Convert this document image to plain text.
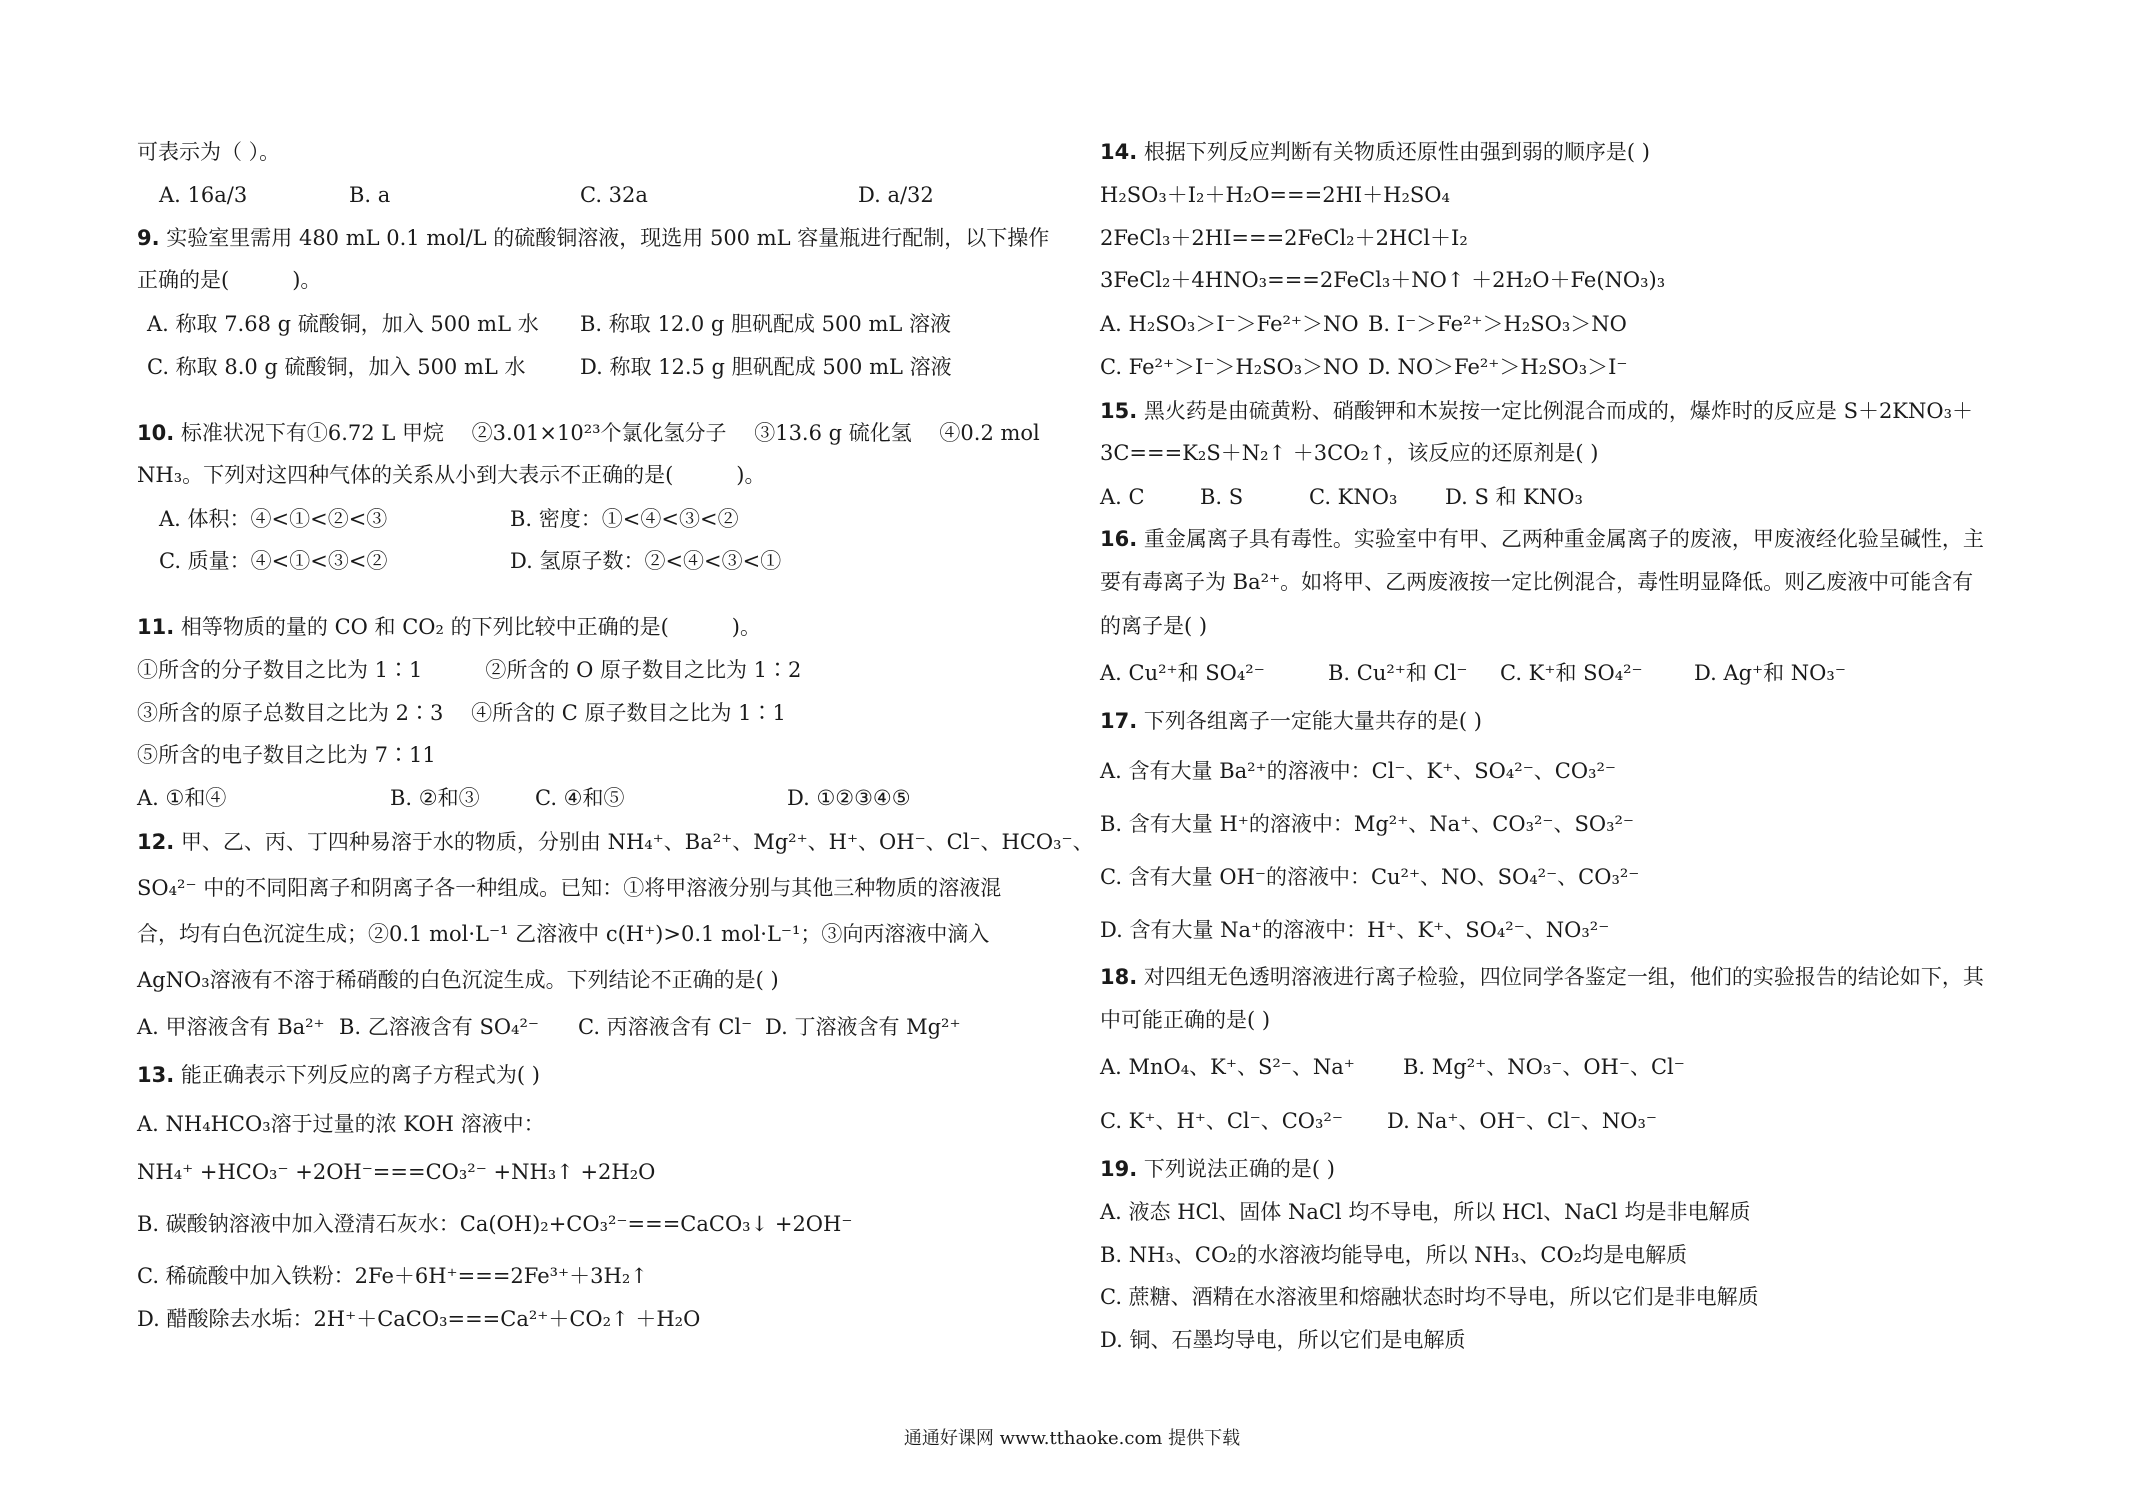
可表示为（ ）。
A. 16a/3	B. a	C. 32a	D. a/32
9. 实验室里需用 480 mL 0.1 mol/L 的硫酸铜溶液，现选用 500 mL 容量瓶进行配制，以下操作
正确的是(　　　)。
A. 称取 7.68 g 硫酸铜，加入 500 mL 水 B. 称取 12.0 g 胆矾配成 500 mL 溶液
C. 称取 8.0 g 硫酸铜，加入 500 mL 水	D. 称取 12.5 g 胆矾配成 500 mL 溶液
10. 标准状况下有①6.72 L 甲烷　 ②3.01×10²³个氯化氢分子　 ③13.6 g 硫化氢　 ④0.2 mol
NH₃。下列对这四种气体的关系从小到大表示不正确的是(　　　)。
A. 体积：④<①<②<③	B. 密度：①<④<③<②
C. 质量：④<①<③<②	D. 氢原子数：②<④<③<①
11. 相等物质的量的 CO 和 CO₂ 的下列比较中正确的是(　　　)。
①所含的分子数目之比为 1∶1　　　②所含的 O 原子数目之比为 1∶2
③所含的原子总数目之比为 2∶3　 ④所含的 C 原子数目之比为 1∶1
⑤所含的电子数目之比为 7∶11
A. ①和④	B. ②和③	C. ④和⑤	D. ①②③④⑤
12. 甲、乙、丙、丁四种易溶于水的物质，分别由 NH₄⁺、Ba²⁺、Mg²⁺、H⁺、OH⁻、Cl⁻、HCO₃⁻、
SO₄²⁻ 中的不同阳离子和阴离子各一种组成。已知：①将甲溶液分别与其他三种物质的溶液混
合，均有白色沉淀生成；②0.1 mol·L⁻¹ 乙溶液中 c(H⁺)>0.1 mol·L⁻¹；③向丙溶液中滴入
AgNO₃溶液有不溶于稀硝酸的白色沉淀生成。下列结论不正确的是( )
A. 甲溶液含有 Ba²⁺ B. 乙溶液含有 SO₄²⁻ C. 丙溶液含有 Cl⁻ D. 丁溶液含有 Mg²⁺
13. 能正确表示下列反应的离子方程式为( )
A. NH₄HCO₃溶于过量的浓 KOH 溶液中：
NH₄⁺ +HCO₃⁻ +2OH⁻===CO₃²⁻ +NH₃↑ +2H₂O
B. 碳酸钠溶液中加入澄清石灰水：Ca(OH)₂+CO₃²⁻===CaCO₃↓ +2OH⁻
C. 稀硫酸中加入铁粉：2Fe＋6H⁺===2Fe³⁺＋3H₂↑
D. 醋酸除去水垢：2H⁺＋CaCO₃===Ca²⁺＋CO₂↑ ＋H₂O
14. 根据下列反应判断有关物质还原性由强到弱的顺序是( )
H₂SO₃＋I₂＋H₂O===2HI＋H₂SO₄
2FeCl₃＋2HI===2FeCl₂＋2HCl＋I₂
3FeCl₂＋4HNO₃===2FeCl₃＋NO↑ ＋2H₂O＋Fe(NO₃)₃
A. H₂SO₃＞I⁻＞Fe²⁺＞NO B. I⁻＞Fe²⁺＞H₂SO₃＞NO
C. Fe²⁺＞I⁻＞H₂SO₃＞NO D. NO＞Fe²⁺＞H₂SO₃＞I⁻
15. 黑火药是由硫黄粉、硝酸钾和木炭按一定比例混合而成的，爆炸时的反应是 S＋2KNO₃＋
3C===K₂S＋N₂↑ ＋3CO₂↑，该反应的还原剂是( )
A. C	B. S	C. KNO₃ D. S 和 KNO₃
16. 重金属离子具有毒性。实验室中有甲、乙两种重金属离子的废液，甲废液经化验呈碱性，主
要有毒离子为 Ba²⁺。如将甲、乙两废液按一定比例混合，毒性明显降低。则乙废液中可能含有
的离子是( )
A. Cu²⁺和 SO₄²⁻	B. Cu²⁺和 Cl⁻ C. K⁺和 SO₄²⁻ D. Ag⁺和 NO₃⁻
17. 下列各组离子一定能大量共存的是( )
A. 含有大量 Ba²⁺的溶液中：Cl⁻、K⁺、SO₄²⁻、CO₃²⁻
B. 含有大量 H⁺的溶液中：Mg²⁺、Na⁺、CO₃²⁻、SO₃²⁻
C. 含有大量 OH⁻的溶液中：Cu²⁺、NO、SO₄²⁻、CO₃²⁻
D. 含有大量 Na⁺的溶液中：H⁺、K⁺、SO₄²⁻、NO₃²⁻
18. 对四组无色透明溶液进行离子检验，四位同学各鉴定一组，他们的实验报告的结论如下，其
中可能正确的是( )
A. MnO₄、K⁺、S²⁻、Na⁺ B. Mg²⁺、NO₃⁻、OH⁻、Cl⁻
C. K⁺、H⁺、Cl⁻、CO₃²⁻ D. Na⁺、OH⁻、Cl⁻、NO₃⁻
19. 下列说法正确的是( )
A. 液态 HCl、固体 NaCl 均不导电，所以 HCl、NaCl 均是非电解质
B. NH₃、CO₂的水溶液均能导电，所以 NH₃、CO₂均是电解质
C. 蔗糖、酒精在水溶液里和熔融状态时均不导电，所以它们是非电解质
D. 铜、石墨均导电，所以它们是电解质
通通好课网 www.tthaoke.com 提供下载
